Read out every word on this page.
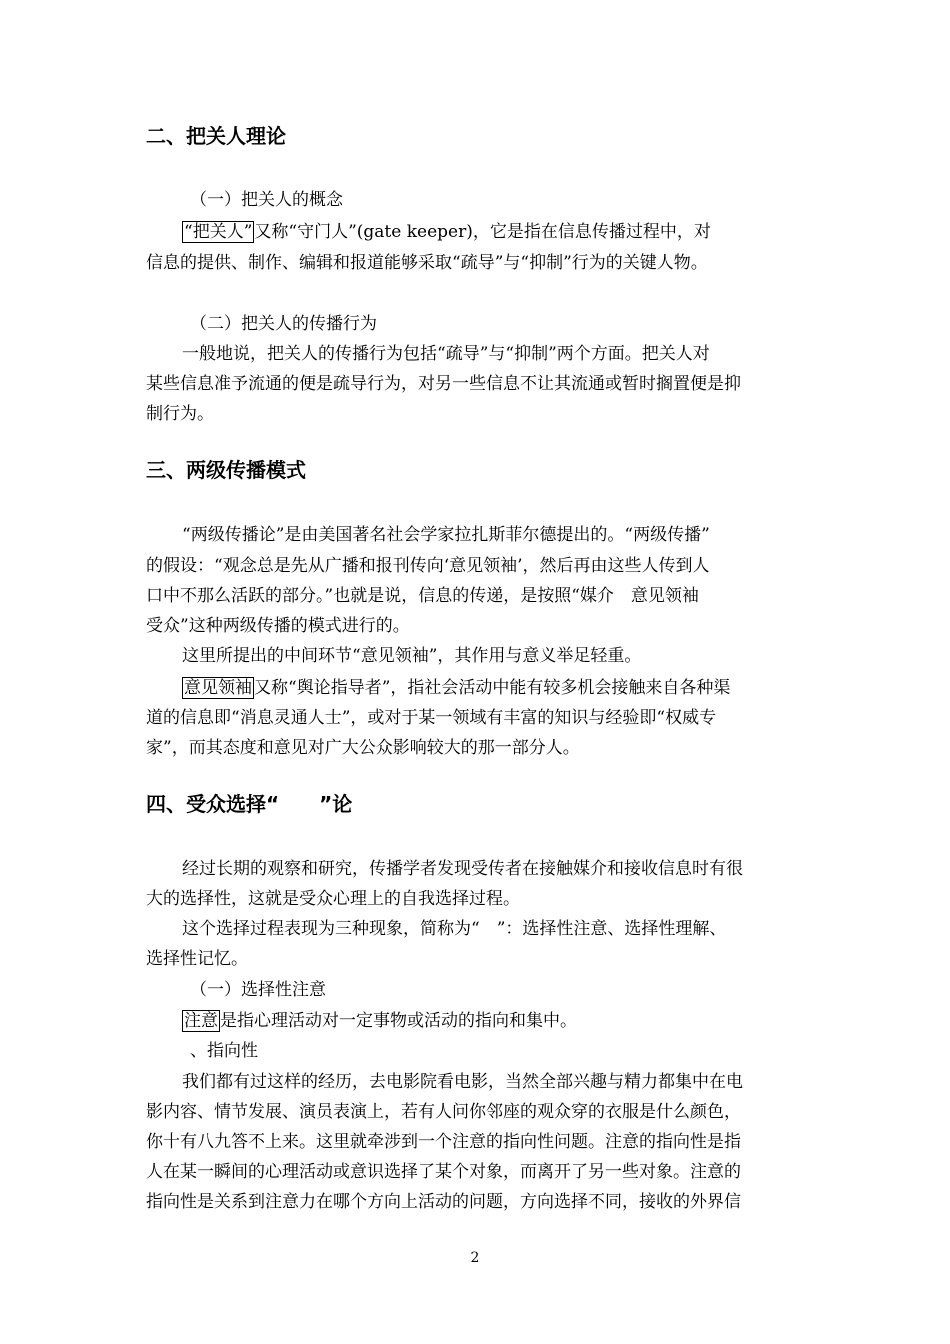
二、把关人理论
（一）把关人的概念
“把关人” 又称“守门人”(gate keeper)，它是指在信息传播过程中，对
信息的提供、制作、编辑和报道能够采取“疏导”与“抑制”行为的关键人物。
（二）把关人的传播行为
一般地说，把关人的传播行为包括“疏导”与“抑制”两个方面。把关人对
某些信息准予流通的便是疏导行为，对另一些信息不让其流通或暂时搁置便是抑
制行为。
三、两级传播模式
“两级传播论”是由美国著名社会学家拉扎斯菲尔德提出的。“两级传播”
的假设：“观念总是先从广播和报刊传向‘意见领袖’，然后再由这些人传到人
口中不那么活跃的部分。”也就是说，信息的传递，是按照“媒介　意见领袖
受众”这种两级传播的模式进行的。
这里所提出的中间环节“意见领袖”，其作用与意义举足轻重。
意见领袖 又称“舆论指导者”，指社会活动中能有较多机会接触来自各种渠
道的信息即“消息灵通人士”，或对于某一领域有丰富的知识与经验即“权威专
家”，而其态度和意见对广大公众影响较大的那一部分人。
四、受众选择“　　”论
经过长期的观察和研究，传播学者发现受传者在接触媒介和接收信息时有很
大的选择性，这就是受众心理上的自我选择过程。
这个选择过程表现为三种现象，简称为“　”：选择性注意、选择性理解、
选择性记忆。
（一）选择性注意
注意 是指心理活动对一定事物或活动的指向和集中。
、指向性
我们都有过这样的经历，去电影院看电影，当然全部兴趣与精力都集中在电
影内容、情节发展、演员表演上，若有人问你邻座的观众穿的衣服是什么颜色，
你十有八九答不上来。这里就牵涉到一个注意的指向性问题。注意的指向性是指
人在某一瞬间的心理活动或意识选择了某个对象，而离开了另一些对象。注意的
指向性是关系到注意力在哪个方向上活动的问题，方向选择不同，接收的外界信
2
